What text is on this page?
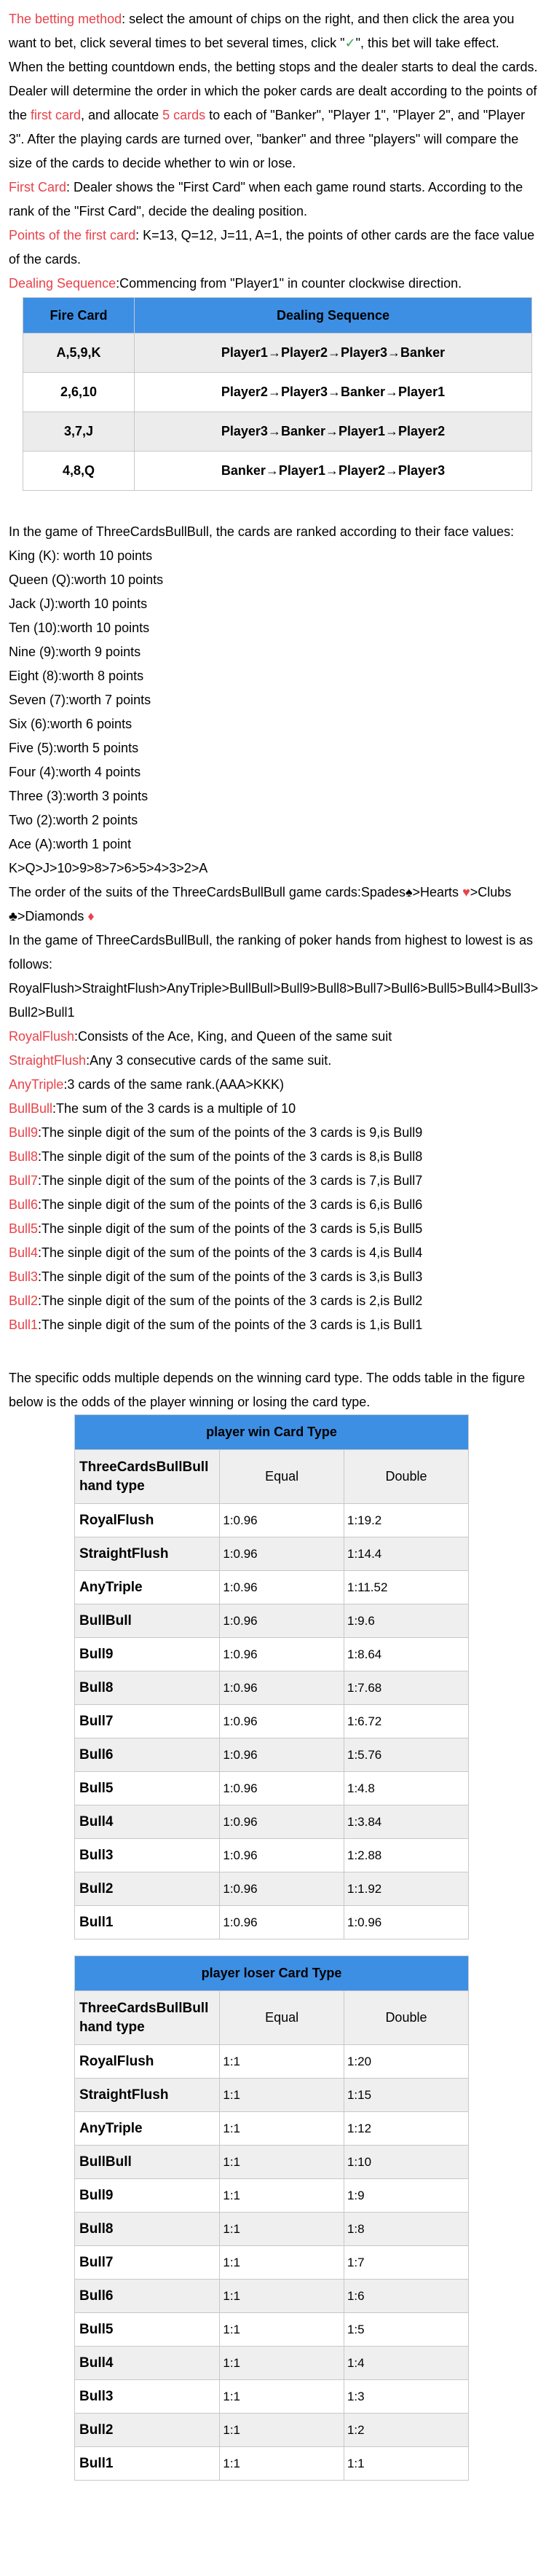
The betting method: select the amount of chips on the right, and then click the area you want to bet, click several times to bet several times, click "✓", this bet will take effect.

When the betting countdown ends, the betting stops and the dealer starts to deal the cards.

Dealer will determine the order in which the poker cards are dealt according to the points of the first card, and allocate 5 cards to each of "Banker", "Player 1", "Player 2", and "Player 3". After the playing cards are turned over, "banker" and three "players" will compare the size of the cards to decide whether to win or lose.

First Card: Dealer shows the "First Card" when each game round starts. According to the rank of the "First Card", decide the dealing position.

Points of the first card: K=13, Q=12, J=11, A=1, the points of other cards are the face value of the cards.

Dealing Sequence:Commencing from "Player1" in counter clockwise direction.

Fire Card	Dealing Sequence
A,5,9,K	Player1→Player2→Player3→Banker
2,6,10	Player2→Player3→Banker→Player1
3,7,J	Player3→Banker→Player1→Player2
4,8,Q	Banker→Player1→Player2→Player3

In the game of ThreeCardsBullBull, the cards are ranked according to their face values:

King (K): worth 10 points

Queen (Q):worth 10 points

Jack (J):worth 10 points

Ten (10):worth 10 points

Nine (9):worth 9 points

Eight (8):worth 8 points

Seven (7):worth 7 points

Six (6):worth 6 points

Five (5):worth 5 points

Four (4):worth 4 points

Three (3):worth 3 points

Two (2):worth 2 points

Ace (A):worth 1 point

K>Q>J>10>9>8>7>6>5>4>3>2>A

The order of the suits of the ThreeCardsBullBull game cards:Spades♠>Hearts ♥>Clubs ♣>Diamonds ♦

In the game of ThreeCardsBullBull, the ranking of poker hands from highest to lowest is as follows:

RoyalFlush>StraightFlush>AnyTriple>BullBull>Bull9>Bull8>Bull7>Bull6>Bull5>Bull4>Bull3>Bull2>Bull1

RoyalFlush:Consists of the Ace, King, and Queen of the same suit

StraightFlush:Any 3 consecutive cards of the same suit.

AnyTriple:3 cards of the same rank.(AAA>KKK)

BullBull:The sum of the 3 cards is a multiple of 10

Bull9:The sinple digit of the sum of the points of the 3 cards is 9,is Bull9

Bull8:The sinple digit of the sum of the points of the 3 cards is 8,is Bull8

Bull7:The sinple digit of the sum of the points of the 3 cards is 7,is Bull7

Bull6:The sinple digit of the sum of the points of the 3 cards is 6,is Bull6

Bull5:The sinple digit of the sum of the points of the 3 cards is 5,is Bull5

Bull4:The sinple digit of the sum of the points of the 3 cards is 4,is Bull4

Bull3:The sinple digit of the sum of the points of the 3 cards is 3,is Bull3

Bull2:The sinple digit of the sum of the points of the 3 cards is 2,is Bull2

Bull1:The sinple digit of the sum of the points of the 3 cards is 1,is Bull1

The specific odds multiple depends on the winning card type. The odds table in the figure below is the odds of the player winning or losing the card type.

player win Card Type		
ThreeCardsBullBull hand type	Equal	Double
RoyalFlush	1:0.96	1:19.2
StraightFlush	1:0.96	1:14.4
AnyTriple	1:0.96	1:11.52
BullBull	1:0.96	1:9.6
Bull9	1:0.96	1:8.64
Bull8	1:0.96	1:7.68
Bull7	1:0.96	1:6.72
Bull6	1:0.96	1:5.76
Bull5	1:0.96	1:4.8
Bull4	1:0.96	1:3.84
Bull3	1:0.96	1:2.88
Bull2	1:0.96	1:1.92
Bull1	1:0.96	1:0.96
player loser Card Type		
ThreeCardsBullBull hand type	Equal	Double
RoyalFlush	1:1	1:20
StraightFlush	1:1	1:15
AnyTriple	1:1	1:12
BullBull	1:1	1:10
Bull9	1:1	1:9
Bull8	1:1	1:8
Bull7	1:1	1:7
Bull6	1:1	1:6
Bull5	1:1	1:5
Bull4	1:1	1:4
Bull3	1:1	1:3
Bull2	1:1	1:2
Bull1	1:1	1:1
